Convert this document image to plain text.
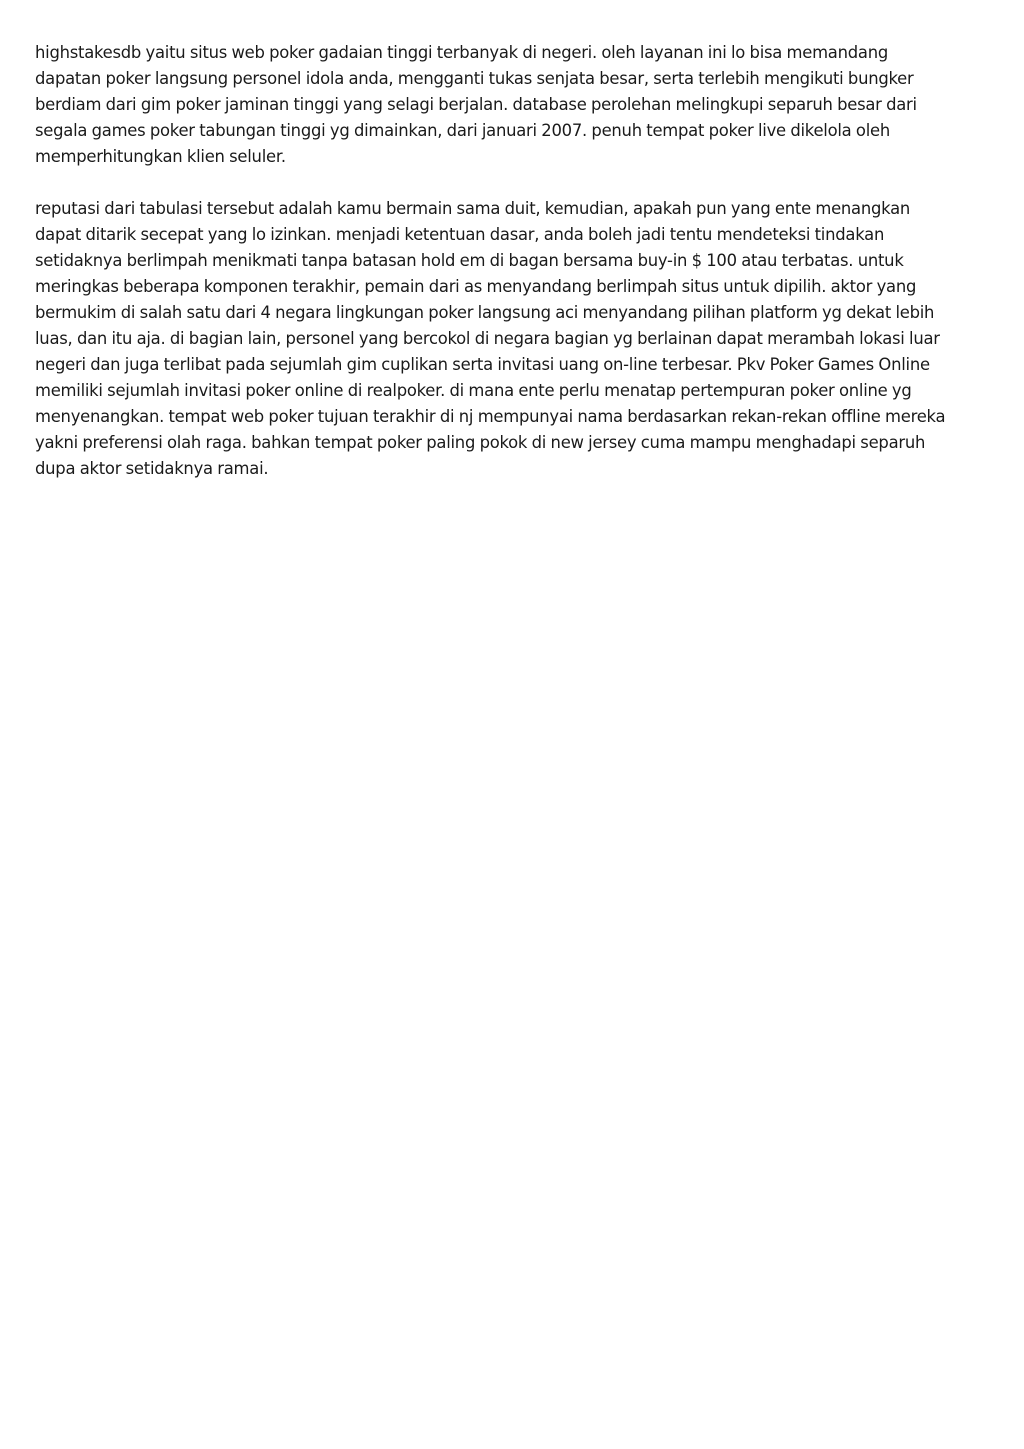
highstakesdb yaitu situs web poker gadaian tinggi terbanyak di negeri. oleh layanan ini lo bisa memandang
dapatan poker langsung personel idola anda, mengganti tukas senjata besar, serta terlebih mengikuti bungker
berdiam dari gim poker jaminan tinggi yang selagi berjalan. database perolehan melingkupi separuh besar dari
segala games poker tabungan tinggi yg dimainkan, dari januari 2007. penuh tempat poker live dikelola oleh
memperhitungkan klien seluler.

reputasi dari tabulasi tersebut adalah kamu bermain sama duit, kemudian, apakah pun yang ente menangkan
dapat ditarik secepat yang lo izinkan. menjadi ketentuan dasar, anda boleh jadi tentu mendeteksi tindakan
setidaknya berlimpah menikmati tanpa batasan hold em di bagan bersama buy-in $ 100 atau terbatas. untuk
meringkas beberapa komponen terakhir, pemain dari as menyandang berlimpah situs untuk dipilih. aktor yang
bermukim di salah satu dari 4 negara lingkungan poker langsung aci menyandang pilihan platform yg dekat lebih
luas, dan itu aja. di bagian lain, personel yang bercokol di negara bagian yg berlainan dapat merambah lokasi luar
negeri dan juga terlibat pada sejumlah gim cuplikan serta invitasi uang on-line terbesar. Pkv Poker Games Online
memiliki sejumlah invitasi poker online di realpoker. di mana ente perlu menatap pertempuran poker online yg
menyenangkan. tempat web poker tujuan terakhir di nj mempunyai nama berdasarkan rekan-rekan offline mereka
yakni preferensi olah raga. bahkan tempat poker paling pokok di new jersey cuma mampu menghadapi separuh
dupa aktor setidaknya ramai.
